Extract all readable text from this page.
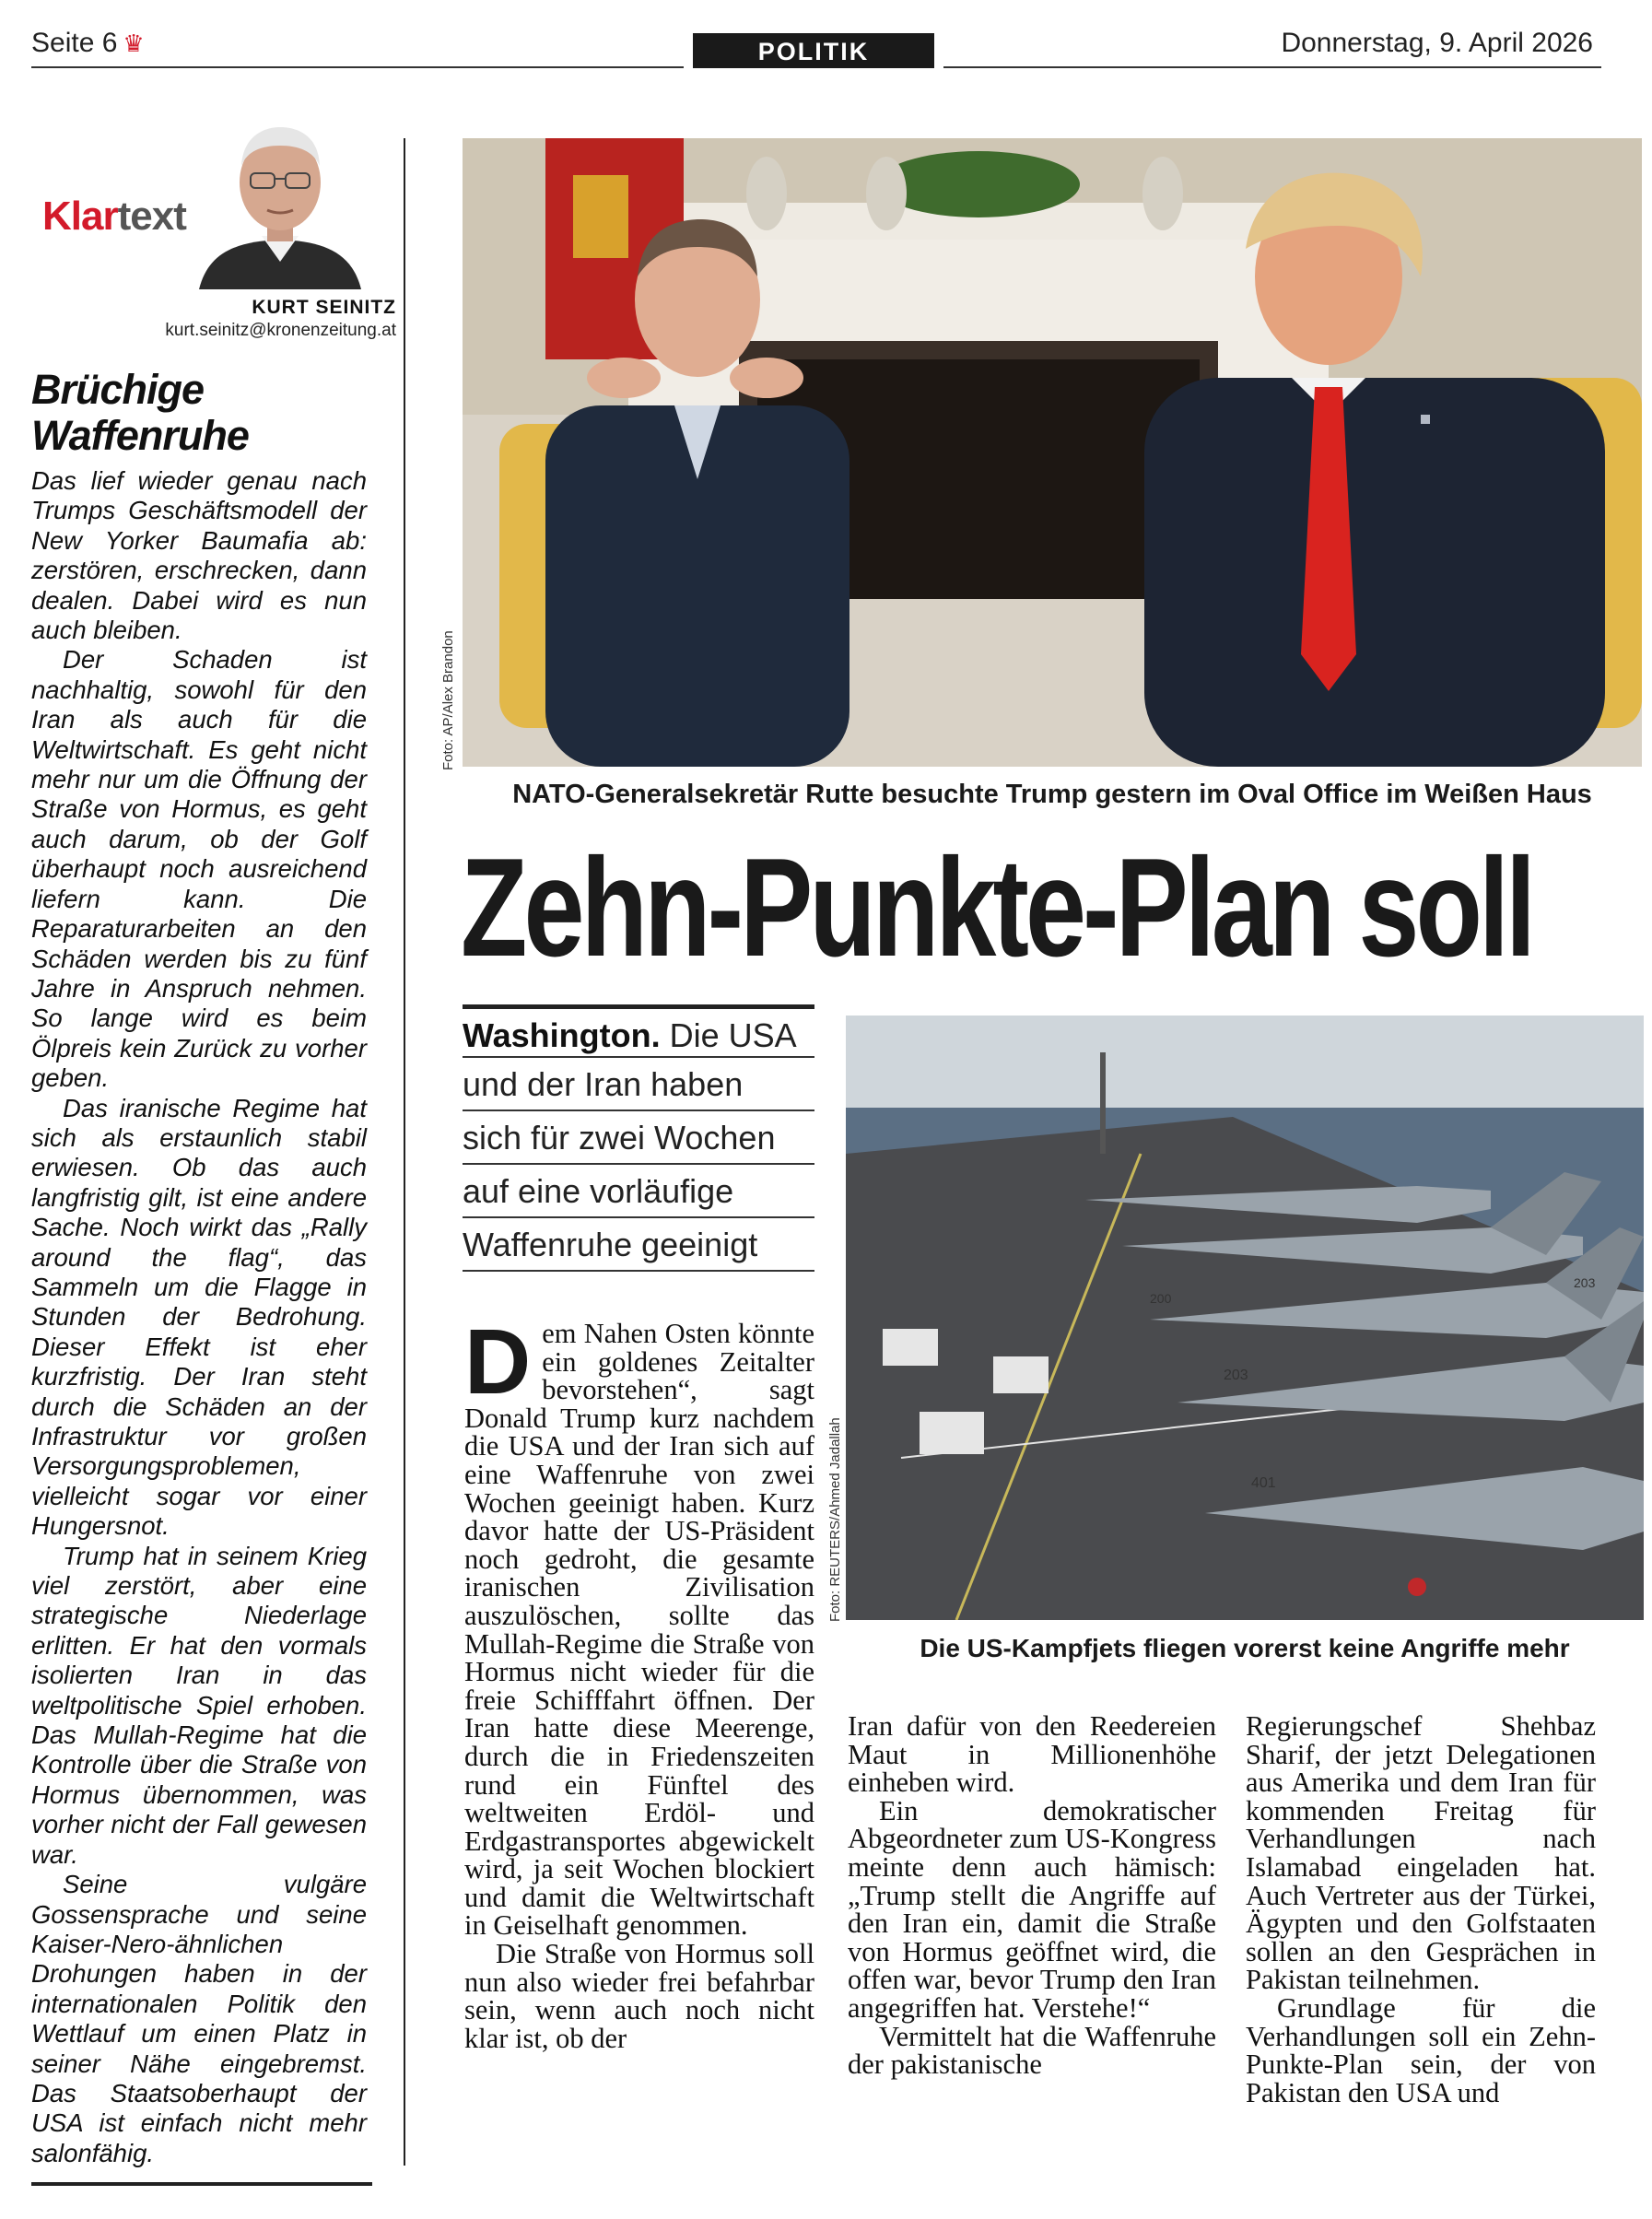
Seite 6 ♛	POLITIK	Donnerstag, 9. April 2026
Klartext
KURT SEINITZ
kurt.seinitz@kronenzeitung.at
Brüchige
Waffenruhe

Das lief wieder genau nach Trumps Geschäftsmodell der New Yorker Baumafia ab: zerstören, erschrecken, dann dealen. Dabei wird es nun auch bleiben.

Der Schaden ist nachhaltig, sowohl für den Iran als auch für die Weltwirtschaft. Es geht nicht mehr nur um die Öffnung der Straße von Hormus, es geht auch darum, ob der Golf überhaupt noch ausreichend liefern kann. Die Reparaturarbeiten an den Schäden werden bis zu fünf Jahre in Anspruch nehmen. So lange wird es beim Ölpreis kein Zurück zu vorher geben.

Das iranische Regime hat sich als erstaunlich stabil erwiesen. Ob das auch langfristig gilt, ist eine andere Sache. Noch wirkt das „Rally around the flag“, das Sammeln um die Flagge in Stunden der Bedrohung. Dieser Effekt ist eher kurzfristig. Der Iran steht durch die Schäden an der Infrastruktur vor großen Versorgungsproblemen, vielleicht sogar vor einer Hungersnot.

Trump hat in seinem Krieg viel zerstört, aber eine strategische Niederlage erlitten. Er hat den vormals isolierten Iran in das weltpolitische Spiel erhoben. Das Mullah-Regime hat die Kontrolle über die Straße von Hormus übernommen, was vorher nicht der Fall gewesen war.

Seine vulgäre Gossensprache und seine Kaiser-Nero-ähnlichen Drohungen haben in der internationalen Politik den Wettlauf um einen Platz in seiner Nähe eingebremst. Das Staatsoberhaupt der USA ist einfach nicht mehr salonfähig.

Foto: AP/Alex Brandon
NATO-Generalsekretär Rutte besuchte Trump gestern im Oval Office im Weißen Haus
Zehn-Punkte-Plan soll
Washington. Die USA
und der Iran haben
sich für zwei Wochen
auf eine vorläufige
Waffenruhe geeinigt
203
401
200
203
Foto: REUTERS/Ahmed Jadallah
Die US-Kampfjets fliegen vorerst keine Angriffe mehr

Dem Nahen Osten könnte ein goldenes Zeitalter bevorstehen“, sagt Donald Trump kurz nachdem die USA und der Iran sich auf eine Waffenruhe von zwei Wochen geeinigt haben. Kurz davor hatte der US-Präsident noch gedroht, die gesamte iranischen Zivilisation auszulöschen, sollte das Mullah-Regime die Straße von Hormus nicht wieder für die freie Schifffahrt öffnen. Der Iran hatte diese Meerenge, durch die in Friedenszeiten rund ein Fünftel des weltweiten Erdöl- und Erdgastransportes abgewickelt wird, ja seit Wochen blockiert und damit die Weltwirtschaft in Geiselhaft genommen.

Die Straße von Hormus soll nun also wieder frei befahrbar sein, wenn auch noch nicht klar ist, ob der

Iran dafür von den Reedereien Maut in Millionenhöhe einheben wird.

Ein demokratischer Abgeordneter zum US-Kongress meinte denn auch hämisch: „Trump stellt die Angriffe auf den Iran ein, damit die Straße von Hormus geöffnet wird, die offen war, bevor Trump den Iran angegriffen hat. Verstehe!“

Vermittelt hat die Waffenruhe der pakistanische

Regierungschef Shehbaz Sharif, der jetzt Delegationen aus Amerika und dem Iran für kommenden Freitag für Verhandlungen nach Islamabad eingeladen hat. Auch Vertreter aus der Türkei, Ägypten und den Golfstaaten sollen an den Gesprächen in Pakistan teilnehmen.

Grundlage für die Verhandlungen soll ein Zehn-Punkte-Plan sein, der von Pakistan den USA und
